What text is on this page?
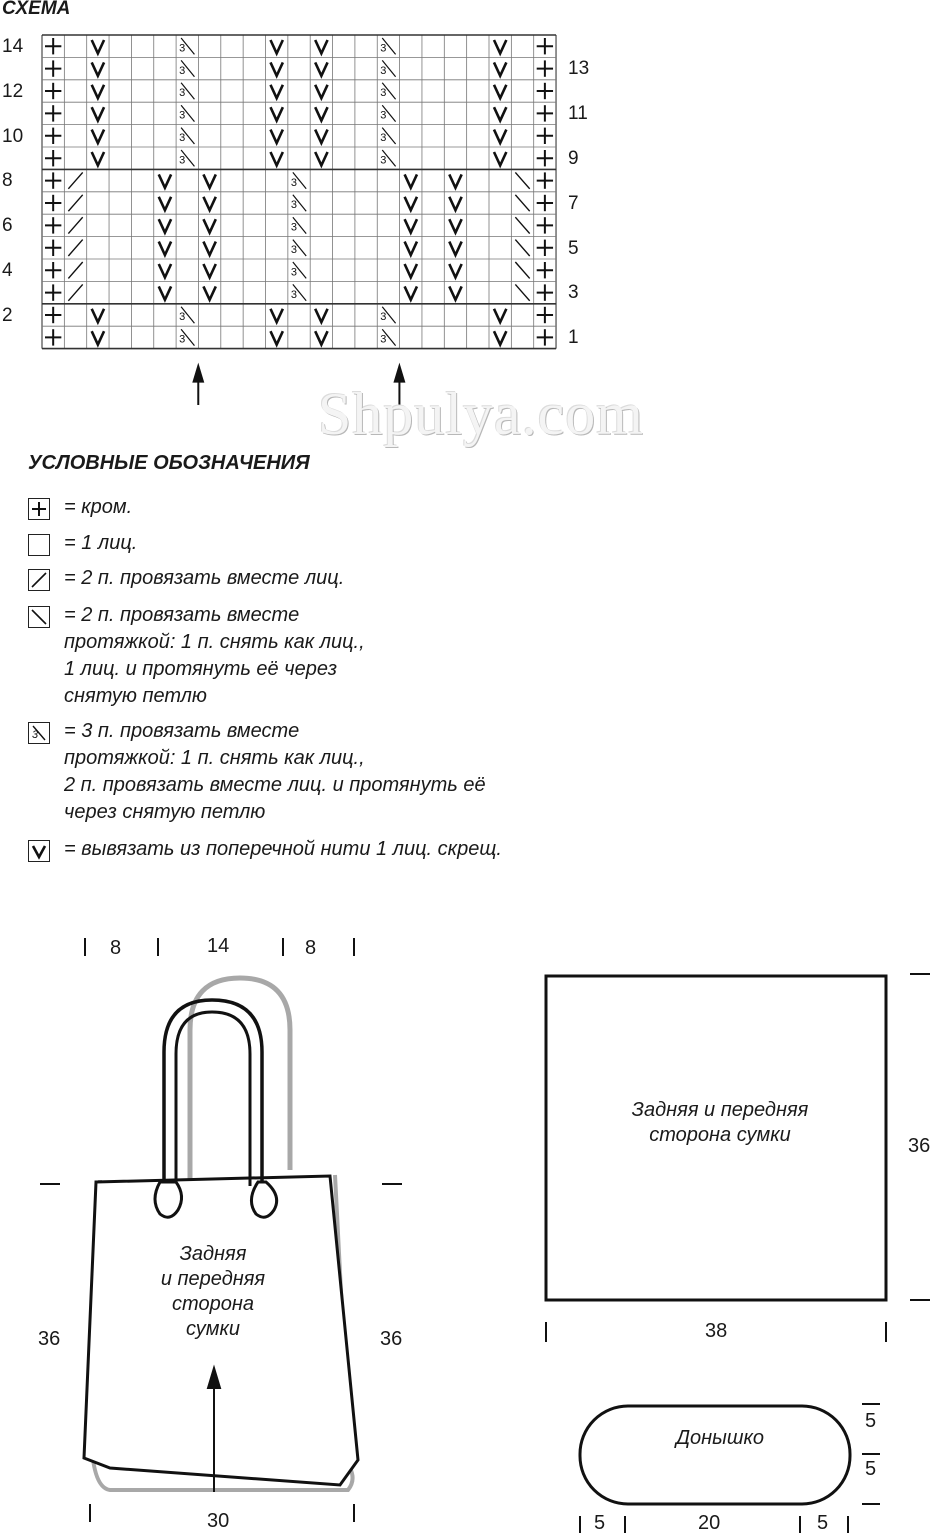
СХЕМА
14
12
10
8
6
4
2
13
11
9
7
5
3
1
3	3
3	3
3
3
3
3
3
3
3	3
3	3
3	3
3	3
3	3
3	3
Shpulya.com
УСЛОВНЫЕ ОБОЗНАЧЕНИЯ
= кром.
= 1 лиц.
= 2 п. провязать вместе лиц.
= 2 п. провязать вместе
протяжкой: 1 п. снять как лиц.,
1 лиц. и протянуть её через
снятую петлю
3 = 3 п. провязать вместе
протяжкой: 1 п. снять как лиц.,
2 п. провязать вместе лиц. и протянуть её
через снятую петлю
= вывязать из поперечной нити 1 лиц. скрещ.
8	14	8
36	36
30
Задняя
и передняя
сторона
сумки
Задняя и передняя
сторона сумки	36
38
Донышко
5
5
5	20	5
